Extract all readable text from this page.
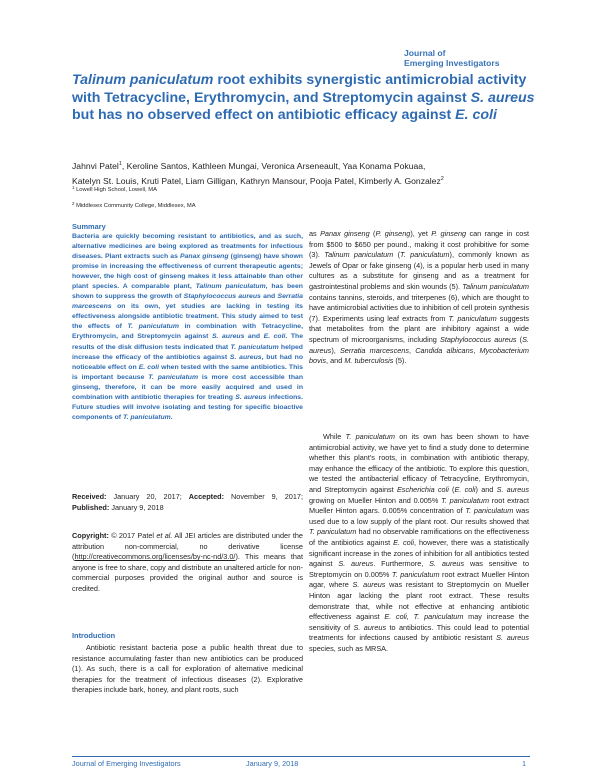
Journal of
Emerging Investigators
Talinum paniculatum root exhibits synergistic antimicrobial activity with Tetracycline, Erythromycin, and Streptomycin against S. aureus but has no observed effect on antibiotic efficacy against E. coli
Jahnvi Patel$^1$, Keroline Santos, Kathleen Mungai, Veronica Arseneault, Yaa Konama Pokuaa,
Katelyn St. Louis, Kruti Patel, Liam Gilligan, Kathryn Mansour, Pooja Patel, Kimberly A. Gonzalez$^2$
$^1$ Lowell High School, Lowell, MA
$^2$ Middlesex Community College, Middlesex, MA
Summary
Bacteria are quickly becoming resistant to antibiotics, and as such, alternative medicines are being explored as treatments for infectious diseases. Plant extracts such as Panax ginseng (ginseng) have shown promise in increasing the effectiveness of current therapeutic agents; however, the high cost of ginseng makes it less attainable than other plant species. A comparable plant, Talinum paniculatum, has been shown to suppress the growth of Staphylococcus aureus and Serratia marcescens on its own, yet studies are lacking in testing its effectiveness alongside antibiotic treatment. This study aimed to test the effects of T. paniculatum in combination with Tetracycline, Erythromycin, and Streptomycin against S. aureus and E. coli. The results of the disk diffusion tests indicated that T. paniculatum helped increase the efficacy of the antibiotics against S. aureus, but had no noticeable effect on E. coli when tested with the same antibiotics. This is important because T. paniculatum is more cost accessible than ginseng, therefore, it can be more easily acquired and used in combination with antibiotic therapies for treating S. aureus infections. Future studies will involve isolating and testing for specific bioactive components of T. paniculatum.
Received: January 20, 2017; Accepted: November 9, 2017; Published: January 9, 2018
Copyright: © 2017 Patel et al. All JEI articles are distributed under the attribution non-commercial, no derivative license (http://creativecommons.org/licenses/by-nc-nd/3.0/). This means that anyone is free to share, copy and distribute an unaltered article for non-commercial purposes provided the original author and source is credited.
Introduction
Antibiotic resistant bacteria pose a public health threat due to resistance accumulating faster than new antibiotics can be produced (1). As such, there is a call for exploration of alternative medicinal therapies for the treatment of infectious diseases (2). Explorative therapies include bark, honey, and plant roots, such
as Panax ginseng (P. ginseng), yet P. ginseng can range in cost from $500 to $650 per pound., making it cost prohibitive for some (3). Talinum paniculatum (T. paniculatum), commonly known as Jewels of Opar or fake ginseng (4), is a popular herb used in many cultures as a substitute for ginseng and as a treatment for gastrointestinal problems and skin wounds (5). Talinum paniculatum contains tannins, steroids, and triterpenes (6), which are thought to have antimicrobial activities due to inhibition of cell protein synthesis (7). Experiments using leaf extracts from T. paniculatum suggests that metabolites from the plant are inhibitory against a wide spectrum of microorganisms, including Staphylococcus aureus (S. aureus), Serratia marcescens, Candida albicans, Mycobacterium bovis, and M. tuberculosis (5).
While T. paniculatum on its own has been shown to have antimicrobial activity, we have yet to find a study done to determine whether this plant's roots, in combination with antibiotic therapy, may enhance the efficacy of the antibiotic. To explore this question, we tested the antibacterial efficacy of Tetracycline, Erythromycin, and Streptomycin against Escherichia coli (E. coli) and S. aureus growing on Mueller Hinton and 0.005% T. paniculatum root extract Mueller Hinton agars. 0.005% concentration of T. paniculatum was used due to a low supply of the plant root. Our results showed that T. paniculatum had no observable ramifications on the effectiveness of the antibiotics against E. coli, however, there was a statistically significant increase in the zones of inhibition for all antibiotics tested against S. aureus. Furthermore, S. aureus was sensitive to Streptomycin on 0.005% T. paniculatum root extract Mueller Hinton agar, where S. aureus was resistant to Streptomycin on Mueller Hinton agar lacking the plant root extract. These results demonstrate that, while not effective at enhancing antibiotic effectiveness against E. coli, T. paniculatum may increase the sensitivity of S. aureus to antibiotics. This could lead to potential treatments for infections caused by antibiotic resistant S. aureus species, such as MRSA.
Journal of Emerging Investigators	January 9, 2018	1
